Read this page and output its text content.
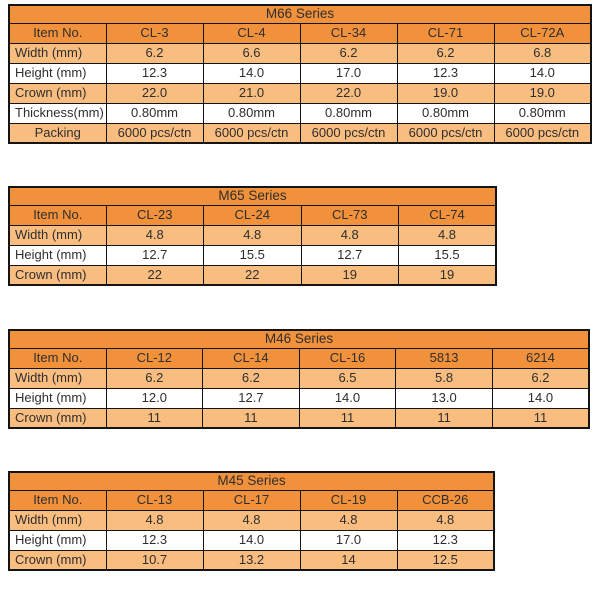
M66 Series					
Item No.	CL-3	CL-4	CL-34	CL-71	CL-72A
Width (mm)	6.2	6.6	6.2	6.2	6.8
Height (mm)	12.3	14.0	17.0	12.3	14.0
Crown (mm)	22.0	21.0	22.0	19.0	19.0
Thickness(mm)	0.80mm	0.80mm	0.80mm	0.80mm	0.80mm
Packing	6000 pcs/ctn	6000 pcs/ctn	6000 pcs/ctn	6000 pcs/ctn	6000 pcs/ctn
M65 Series				
Item No.	CL-23	CL-24	CL-73	CL-74
Width (mm)	4.8	4.8	4.8	4.8
Height (mm)	12.7	15.5	12.7	15.5
Crown (mm)	22	22	19	19
M46 Series					
Item No.	CL-12	CL-14	CL-16	5813	6214
Width (mm)	6.2	6.2	6.5	5.8	6.2
Height (mm)	12.0	12.7	14.0	13.0	14.0
Crown (mm)	11	11	11	11	11
M45 Series				
Item No.	CL-13	CL-17	CL-19	CCB-26
Width (mm)	4.8	4.8	4.8	4.8
Height (mm)	12.3	14.0	17.0	12.3
Crown (mm)	10.7	13.2	14	12.5
